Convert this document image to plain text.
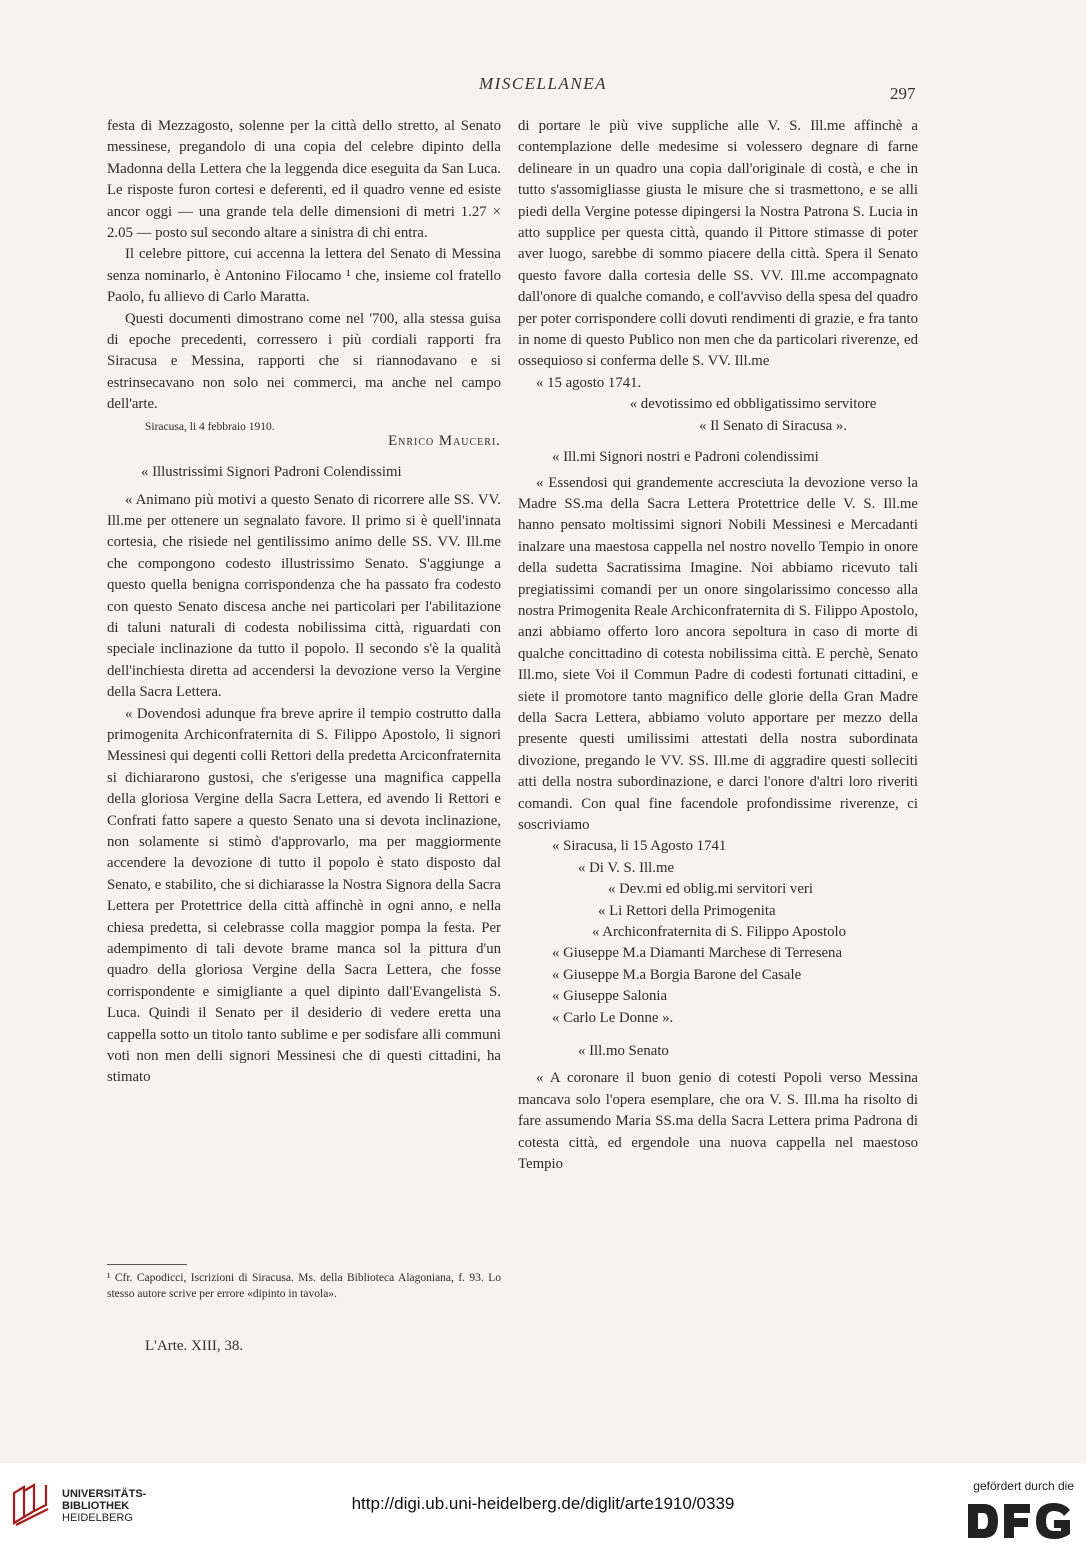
MISCELLANEA
297

festa di Mezzagosto, solenne per la città dello stretto, al Senato messinese, pregandolo di una copia del celebre dipinto della Madonna della Lettera che la leggenda dice eseguita da San Luca. Le risposte furon cortesi e deferenti, ed il quadro venne ed esiste ancor oggi — una grande tela delle dimensioni di metri 1.27 × 2.05 — posto sul secondo altare a sinistra di chi entra.

Il celebre pittore, cui accenna la lettera del Senato di Messina senza nominarlo, è Antonino Filocamo ¹ che, insieme col fratello Paolo, fu allievo di Carlo Maratta.

Questi documenti dimostrano come nel '700, alla stessa guisa di epoche precedenti, corressero i più cordiali rapporti fra Siracusa e Messina, rapporti che si riannodavano e si estrinsecavano non solo nei commerci, ma anche nel campo dell'arte.

Siracusa, li 4 febbraio 1910.

Enrico Mauceri.

« Illustrissimi Signori Padroni Colendissimi

« Animano più motivi a questo Senato di ricorrere alle SS. VV. Ill.me per ottenere un segnalato favore. Il primo si è quell'innata cortesia, che risiede nel gentilissimo animo delle SS. VV. Ill.me che compongono codesto illustrissimo Senato. S'aggiunge a questo quella benigna corrispondenza che ha passato fra codesto con questo Senato discesa anche nei particolari per l'abilitazione di taluni naturali di codesta nobilissima città, riguardati con speciale inclinazione da tutto il popolo. Il secondo s'è la qualità dell'inchiesta diretta ad accendersi la devozione verso la Vergine della Sacra Lettera.

« Dovendosi adunque fra breve aprire il tempio costrutto dalla primogenita Archiconfraternita di S. Filippo Apostolo, li signori Messinesi qui degenti colli Rettori della predetta Arciconfraternita si dichiararono gustosi, che s'erigesse una magnifica cappella della gloriosa Vergine della Sacra Lettera, ed avendo li Rettori e Confrati fatto sapere a questo Senato una si devota inclinazione, non solamente si stimò d'approvarlo, ma per maggiormente accendere la devozione di tutto il popolo è stato disposto dal Senato, e stabilito, che si dichiarasse la Nostra Signora della Sacra Lettera per Protettrice della città affinchè in ogni anno, e nella chiesa predetta, si celebrasse colla maggior pompa la festa. Per adempimento di tali devote brame manca sol la pittura d'un quadro della gloriosa Vergine della Sacra Lettera, che fosse corrispondente e simigliante a quel dipinto dall'Evangelista S. Luca. Quindi il Senato per il desiderio di vedere eretta una cappella sotto un titolo tanto sublime e per sodisfare alli communi voti non men delli signori Messinesi che di questi cittadini, ha stimato

di portare le più vive suppliche alle V. S. Ill.me affinchè a contemplazione delle medesime si volessero degnare di farne delineare in un quadro una copia dall'originale di costà, e che in tutto s'assomigliasse giusta le misure che si trasmettono, e se alli piedi della Vergine potesse dipingersi la Nostra Patrona S. Lucia in atto supplice per questa città, quando il Pittore stimasse di poter aver luogo, sarebbe di sommo piacere della città. Spera il Senato questo favore dalla cortesia delle SS. VV. Ill.me accompagnato dall'onore di qualche comando, e coll'avviso della spesa del quadro per poter corrispondere colli dovuti rendimenti di grazie, e fra tanto in nome di questo Publico non men che da particolari riverenze, ed ossequioso si conferma delle S. VV. Ill.me

« 15 agosto 1741.

« devotissimo ed obbligatissimo servitore

« Il Senato di Siracusa ».

« Ill.mi Signori nostri e Padroni colendissimi

« Essendosi qui grandemente accresciuta la devozione verso la Madre SS.ma della Sacra Lettera Protettrice delle V. S. Ill.me hanno pensato moltissimi signori Nobili Messinesi e Mercadanti inalzare una maestosa cappella nel nostro novello Tempio in onore della sudetta Sacratissima Imagine. Noi abbiamo ricevuto tali pregiatissimi comandi per un onore singolarissimo concesso alla nostra Primogenita Reale Archiconfraternita di S. Filippo Apostolo, anzi abbiamo offerto loro ancora sepoltura in caso di morte di qualche concittadino di cotesta nobilissima città. E perchè, Senato Ill.mo, siete Voi il Commun Padre di codesti fortunati cittadini, e siete il promotore tanto magnifico delle glorie della Gran Madre della Sacra Lettera, abbiamo voluto apportare per mezzo della presente questi umilissimi attestati della nostra subordinata divozione, pregando le VV. SS. Ill.me di aggradire questi solleciti atti della nostra subordinazione, e darci l'onore d'altri loro riveriti comandi. Con qual fine facendole profondissime riverenze, ci soscriviamo

« Siracusa, li 15 Agosto 1741

« Di V. S. Ill.me

« Dev.mi ed oblig.mi servitori veri

« Li Rettori della Primogenita

« Archiconfraternita di S. Filippo Apostolo

« Giuseppe M.a Diamanti Marchese di Terresena

« Giuseppe M.a Borgia Barone del Casale

« Giuseppe Salonia

« Carlo Le Donne ».

« Ill.mo Senato

« A coronare il buon genio di cotesti Popoli verso Messina mancava solo l'opera esemplare, che ora V. S. Ill.ma ha risolto di fare assumendo Maria SS.ma della Sacra Lettera prima Padrona di cotesta città, ed ergendole una nuova cappella nel maestoso Tempio

¹ Cfr. Capodicci, Iscrizioni di Siracusa. Ms. della Biblioteca Alagoniana, f. 93. Lo stesso autore scrive per errore «dipinto in tavola».
L'Arte. XIII, 38.
UNIVERSITÄTS-
BIBLIOTHEK
HEIDELBERG
http://digi.ub.uni-heidelberg.de/diglit/arte1910/0339
gefördert durch die
DFG
